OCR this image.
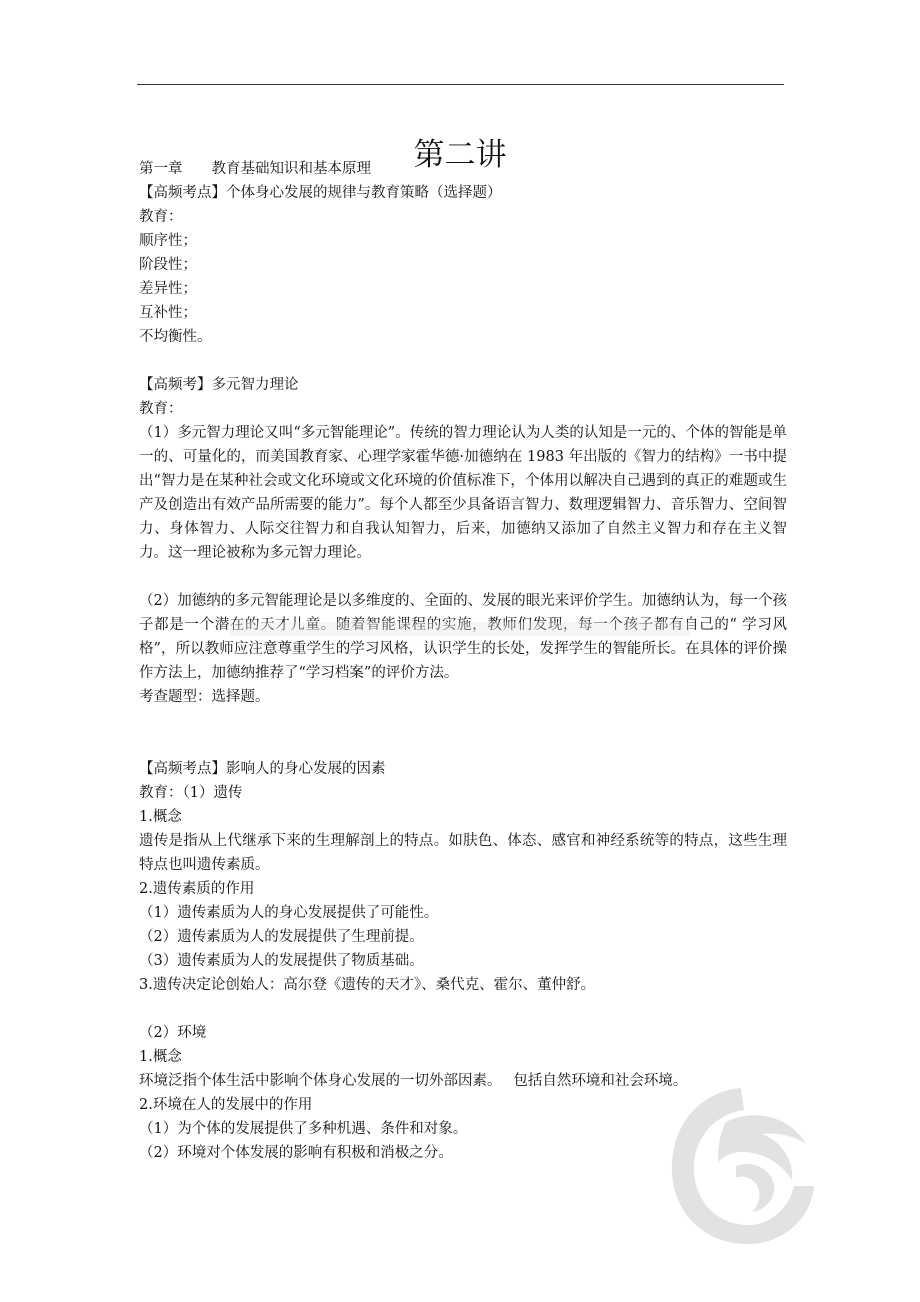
第二讲

第一章　　教育基础知识和基本原理

【高频考点】个体身心发展的规律与教育策略（选择题）

教育：

顺序性；

阶段性；

差异性；

互补性；

不均衡性。

【高频考】多元智力理论

教育：

（1）多元智力理论又叫“多元智能理论”。传统的智力理论认为人类的认知是一元的、个体的智能是单一的、可量化的，而美国教育家、心理学家霍华德·加德纳在 1983 年出版的《智力的结构》一书中提出“智力是在某种社会或文化环境或文化环境的价值标准下，个体用以解决自己遇到的真正的难题或生产及创造出有效产品所需要的能力”。每个人都至少具备语言智力、数理逻辑智力、音乐智力、空间智力、身体智力、人际交往智力和自我认知智力，后来，加德纳又添加了自然主义智力和存在主义智力。这一理论被称为多元智力理论。

（2）加德纳的多元智能理论是以多维度的、全面的、发展的眼光来评价学生。加德纳认为，每一个孩子都是一个潜在的天才儿童。随着智能课程的实施，教师们发现，每一个孩子都有自己的“ 学习风格”，所以教师应注意尊重学生的学习风格，认识学生的长处，发挥学生的智能所长。在具体的评价操作方法上，加德纳推荐了“学习档案”的评价方法。

考查题型：选择题。

【高频考点】影响人的身心发展的因素

教育：（1）遗传

1.概念

遗传是指从上代继承下来的生理解剖上的特点。如肤色、体态、感官和神经系统等的特点，这些生理特点也叫遗传素质。

2.遗传素质的作用

（1）遗传素质为人的身心发展提供了可能性。

（2）遗传素质为人的发展提供了生理前提。

（3）遗传素质为人的发展提供了物质基础。

3.遗传决定论创始人：高尔登《遗传的天才》、桑代克、霍尔、董仲舒。

（2）环境

1.概念

环境泛指个体生活中影响个体身心发展的一切外部因素。　 包括自然环境和社会环境。

2.环境在人的发展中的作用

（1）为个体的发展提供了多种机遇、条件和对象。

（2）环境对个体发展的影响有积极和消极之分。
